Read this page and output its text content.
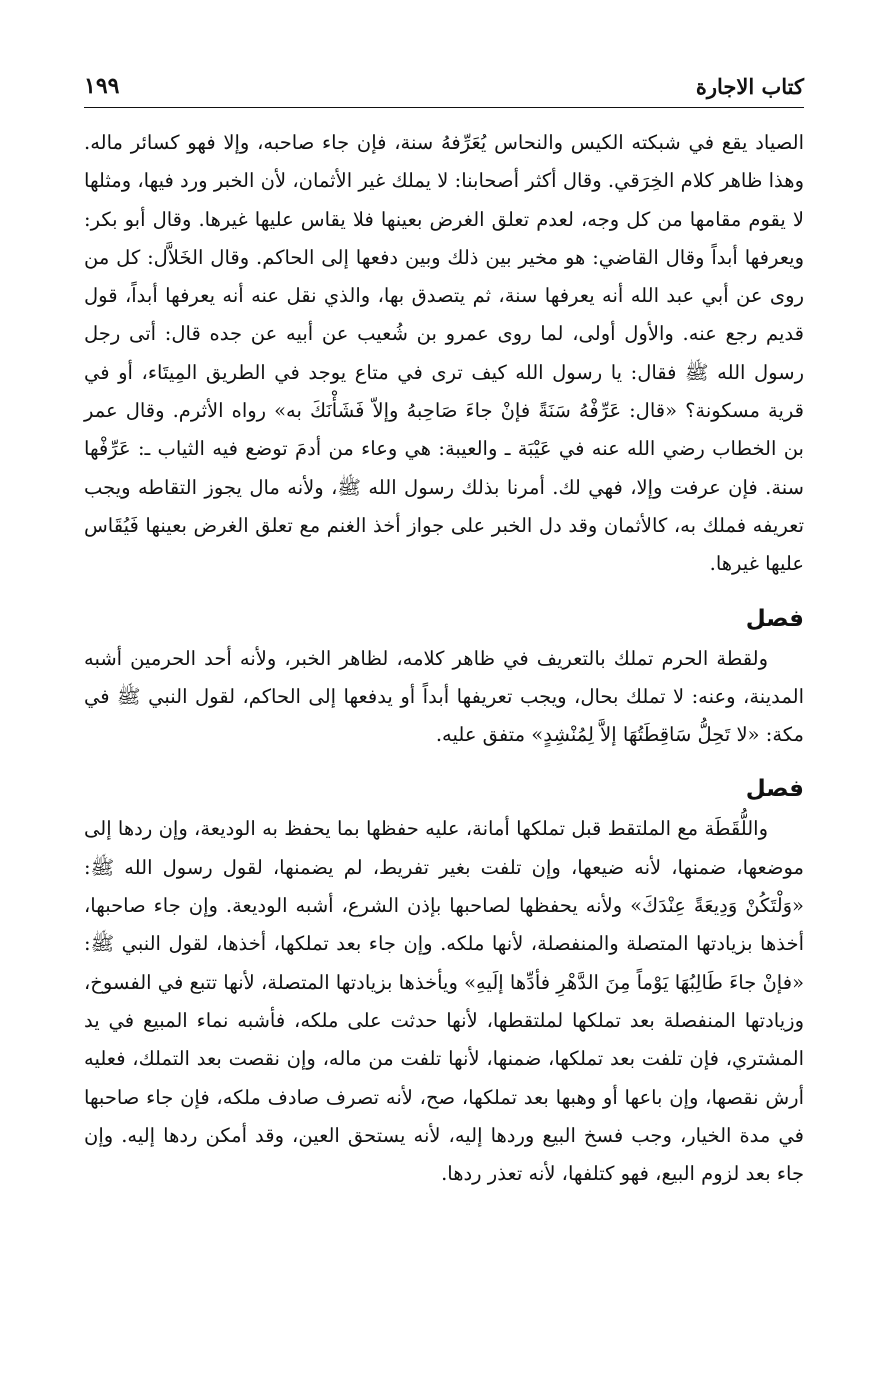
كتاب الاجارة
١٩٩

الصياد يقع في شبكته الكيس والنحاس يُعَرِّفهُ سنة، فإن جاء صاحبه، وإلا فهو كسائر ماله. وهذا ظاهر كلام الخِرَقي. وقال أكثر أصحابنا: لا يملك غير الأثمان، لأن الخبر ورد فيها، ومثلها لا يقوم مقامها من كل وجه، لعدم تعلق الغرض بعينها فلا يقاس عليها غيرها. وقال أبو بكر: ويعرفها أبداً وقال القاضي: هو مخير بين ذلك وبين دفعها إلى الحاكم. وقال الخَلاَّل: كل من روى عن أبي عبد الله أنه يعرفها سنة، ثم يتصدق بها، والذي نقل عنه أنه يعرفها أبداً، قول قديم رجع عنه. والأول أولى، لما روى عمرو بن شُعيب عن أبيه عن جده قال: أتى رجل رسول الله ﷺ فقال: يا رسول الله كيف ترى في متاع يوجد في الطريق المِيتَاء، أو في قرية مسكونة؟ «قال: عَرِّفْهُ سَنَةً فإنْ جاءَ صَاحِبهُ وإلاّ فَشَأْنَكَ به» رواه الأثرم. وقال عمر بن الخطاب رضي الله عنه في عَيْبَة ـ والعيبة: هي وعاء من أدمَ توضع فيه الثياب ـ: عَرِّفْها سنة. فإن عرفت وإلا، فهي لك. أمرنا بذلك رسول الله ﷺ، ولأنه مال يجوز التقاطه ويجب تعريفه فملك به، كالأثمان وقد دل الخبر على جواز أخذ الغنم مع تعلق الغرض بعينها فَيُقَاس عليها غيرها.

فصل

ولقطة الحرم تملك بالتعريف في ظاهر كلامه، لظاهر الخبر، ولأنه أحد الحرمين أشبه المدينة، وعنه: لا تملك بحال، ويجب تعريفها أبداً أو يدفعها إلى الحاكم، لقول النبي ﷺ في مكة: «لا تَحِلُّ سَاقِطَتُهَا إلاَّ لِمُنْشِدٍ» متفق عليه.

فصل

واللُّقَطَة مع الملتقط قبل تملكها أمانة، عليه حفظها بما يحفظ به الوديعة، وإن ردها إلى موضعها، ضمنها، لأنه ضيعها، وإن تلفت بغير تفريط، لم يضمنها، لقول رسول الله ﷺ: «وَلْتَكُنْ وَدِيعَةً عِنْدَكَ» ولأنه يحفظها لصاحبها بإذن الشرع، أشبه الوديعة. وإن جاء صاحبها، أخذها بزيادتها المتصلة والمنفصلة، لأنها ملكه. وإن جاء بعد تملكها، أخذها، لقول النبي ﷺ: «فإنْ جاءَ طَالِبُهَا يَوْماً مِنَ الدَّهْرِ فأدِّها إلَيهِ» ويأخذها بزيادتها المتصلة، لأنها تتبع في الفسوخ، وزيادتها المنفصلة بعد تملكها لملتقطها، لأنها حدثت على ملكه، فأشبه نماء المبيع في يد المشتري، فإن تلفت بعد تملكها، ضمنها، لأنها تلفت من ماله، وإن نقصت بعد التملك، فعليه أرش نقصها، وإن باعها أو وهبها بعد تملكها، صح، لأنه تصرف صادف ملكه، فإن جاء صاحبها في مدة الخيار، وجب فسخ البيع وردها إليه، لأنه يستحق العين، وقد أمكن ردها إليه. وإن جاء بعد لزوم البيع، فهو كتلفها، لأنه تعذر ردها.
